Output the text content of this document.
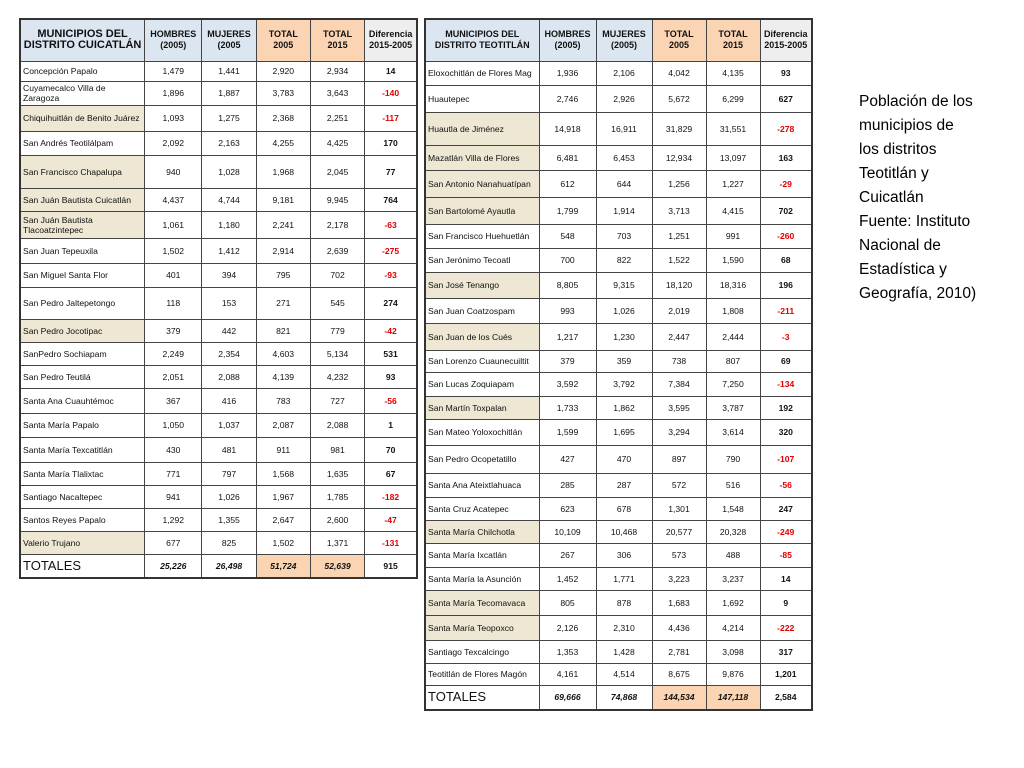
MUNICIPIOS DEL DISTRITO CUICATLÁN	HOMBRES (2005)	MUJERES (2005	TOTAL 2005	TOTAL 2015	Diferencia 2015-2005
Concepción Papalo	1,479	1,441	2,920	2,934	14
Cuyamecalco Villa de Zaragoza	1,896	1,887	3,783	3,643	-140
Chiquihuitlán de Benito Juárez	1,093	1,275	2,368	2,251	-117
San Andrés Teotilálpam	2,092	2,163	4,255	4,425	170
San Francisco Chapalupa	940	1,028	1,968	2,045	77
San Juán Bautista Cuicatlán	4,437	4,744	9,181	9,945	764
San Juán Bautista Tlacoatzintepec	1,061	1,180	2,241	2,178	-63
San Juan Tepeuxila	1,502	1,412	2,914	2,639	-275
San Miguel Santa Flor	401	394	795	702	-93
San Pedro Jaltepetongo	118	153	271	545	274
San Pedro Jocotipac	379	442	821	779	-42
SanPedro Sochiapam	2,249	2,354	4,603	5,134	531
San Pedro Teutilá	2,051	2,088	4,139	4,232	93
Santa Ana Cuauhtémoc	367	416	783	727	-56
Santa María Papalo	1,050	1,037	2,087	2,088	1
Santa María Texcatitlán	430	481	911	981	70
Santa María Tlalixtac	771	797	1,568	1,635	67
Santiago Nacaltepec	941	1,026	1,967	1,785	-182
Santos Reyes Papalo	1,292	1,355	2,647	2,600	-47
Valerio Trujano	677	825	1,502	1,371	-131
TOTALES	25,226	26,498	51,724	52,639	915
MUNICIPIOS DEL DISTRITO TEOTITLÁN	HOMBRES (2005)	MUJERES (2005)	TOTAL 2005	TOTAL 2015	Diferencia 2015-2005
Eloxochitlán de Flores Mag	1,936	2,106	4,042	4,135	93
Huautepec	2,746	2,926	5,672	6,299	627
Huautla de Jiménez	14,918	16,911	31,829	31,551	-278
Mazatlán Villa de Flores	6,481	6,453	12,934	13,097	163
San Antonio Nanahuatípan	612	644	1,256	1,227	-29
San Bartolomé Ayautla	1,799	1,914	3,713	4,415	702
San Francisco Huehuetlán	548	703	1,251	991	-260
San Jerónimo Tecoatl	700	822	1,522	1,590	68
San José Tenango	8,805	9,315	18,120	18,316	196
San Juan Coatzospam	993	1,026	2,019	1,808	-211
San Juan de los Cués	1,217	1,230	2,447	2,444	-3
San Lorenzo Cuaunecuiltit	379	359	738	807	69
San Lucas Zoquiapam	3,592	3,792	7,384	7,250	-134
San Martín Toxpalan	1,733	1,862	3,595	3,787	192
San Mateo Yoloxochitlán	1,599	1,695	3,294	3,614	320
San Pedro Ocopetatillo	427	470	897	790	-107
Santa Ana Ateixtlahuaca	285	287	572	516	-56
Santa Cruz Acatepec	623	678	1,301	1,548	247
Santa María Chilchotla	10,109	10,468	20,577	20,328	-249
Santa María Ixcatlán	267	306	573	488	-85
Santa María la Asunción	1,452	1,771	3,223	3,237	14
Santa María Tecomavaca	805	878	1,683	1,692	9
Santa María Teopoxco	2,126	2,310	4,436	4,214	-222
Santiago Texcalcingo	1,353	1,428	2,781	3,098	317
Teotitlán de Flores Magón	4,161	4,514	8,675	9,876	1,201
TOTALES	69,666	74,868	144,534	147,118	2,584
Población de los
municipios de
los distritos
Teotitlán y
Cuicatlán
Fuente: Instituto
Nacional de
Estadística y
Geografía, 2010)
